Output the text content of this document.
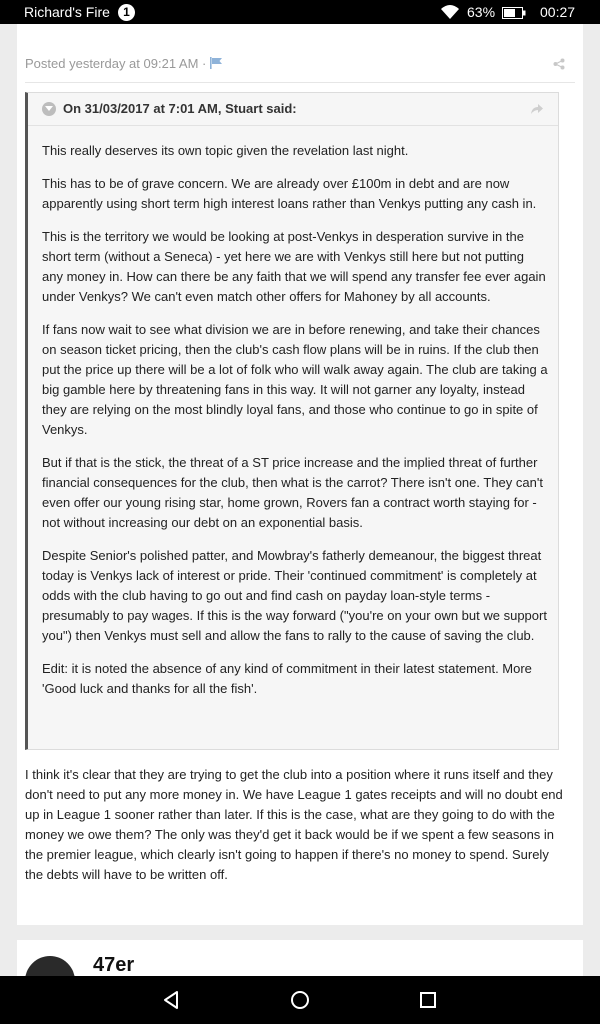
Richard's Fire	1	63%	00:27
Posted yesterday at 09:21 AM ·
On 31/03/2017 at 7:01 AM, Stuart said:

This really deserves its own topic given the revelation last night.

This has to be of grave concern. We are already over £100m in debt and are now apparently using short term high interest loans rather than Venkys putting any cash in.

This is the territory we would be looking at post-Venkys in desperation survive in the short term (without a Seneca) - yet here we are with Venkys still here but not putting any money in. How can there be any faith that we will spend any transfer fee ever again under Venkys? We can't even match other offers for Mahoney by all accounts.

If fans now wait to see what division we are in before renewing, and take their chances on season ticket pricing, then the club's cash flow plans will be in ruins. If the club then put the price up there will be a lot of folk who will walk away again. The club are taking a big gamble here by threatening fans in this way. It will not garner any loyalty, instead they are relying on the most blindly loyal fans, and those who continue to go in spite of Venkys.

But if that is the stick, the threat of a ST price increase and the implied threat of further financial consequences for the club, then what is the carrot? There isn't one. They can't even offer our young rising star, home grown, Rovers fan a contract worth staying for - not without increasing our debt on an exponential basis.

Despite Senior's polished patter, and Mowbray's fatherly demeanour, the biggest threat today is Venkys lack of interest or pride. Their 'continued commitment' is completely at odds with the club having to go out and find cash on payday loan-style terms - presumably to pay wages. If this is the way forward ("you're on your own but we support you") then Venkys must sell and allow the fans to rally to the cause of saving the club.

Edit: it is noted the absence of any kind of commitment in their latest statement. More 'Good luck and thanks for all the fish'.

I think it's clear that they are trying to get the club into a position where it runs itself and they don't need to put any more money in. We have League 1 gates receipts and will no doubt end up in League 1 sooner rather than later. If this is the case, what are they going to do with the money we owe them? The only was they'd get it back would be if we spent a few seasons in the premier league, which clearly isn't going to happen if there's no money to spend. Surely the debts will have to be written off.

47er
